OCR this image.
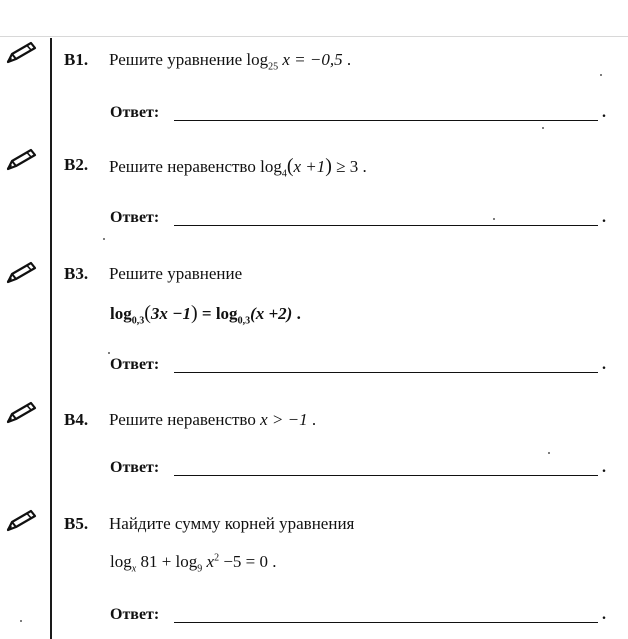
B1. Решите уравнение $\log_{25} x = -0,5$ .
Ответ:	.
B2. Решите неравенство $\log_4(x +1) \ge 3$ .
Ответ:	.
B3. Решите уравнение
$\log_{0,3}(3x -1) = \log_{0,3}(x +2)$ .
Ответ:	.
B4. Решите неравенство x > −1 .
Ответ:	.
B5. Найдите сумму корней уравнения
$\log_x 81 + \log_9 x^2 -5 = 0$ .
Ответ:	.
